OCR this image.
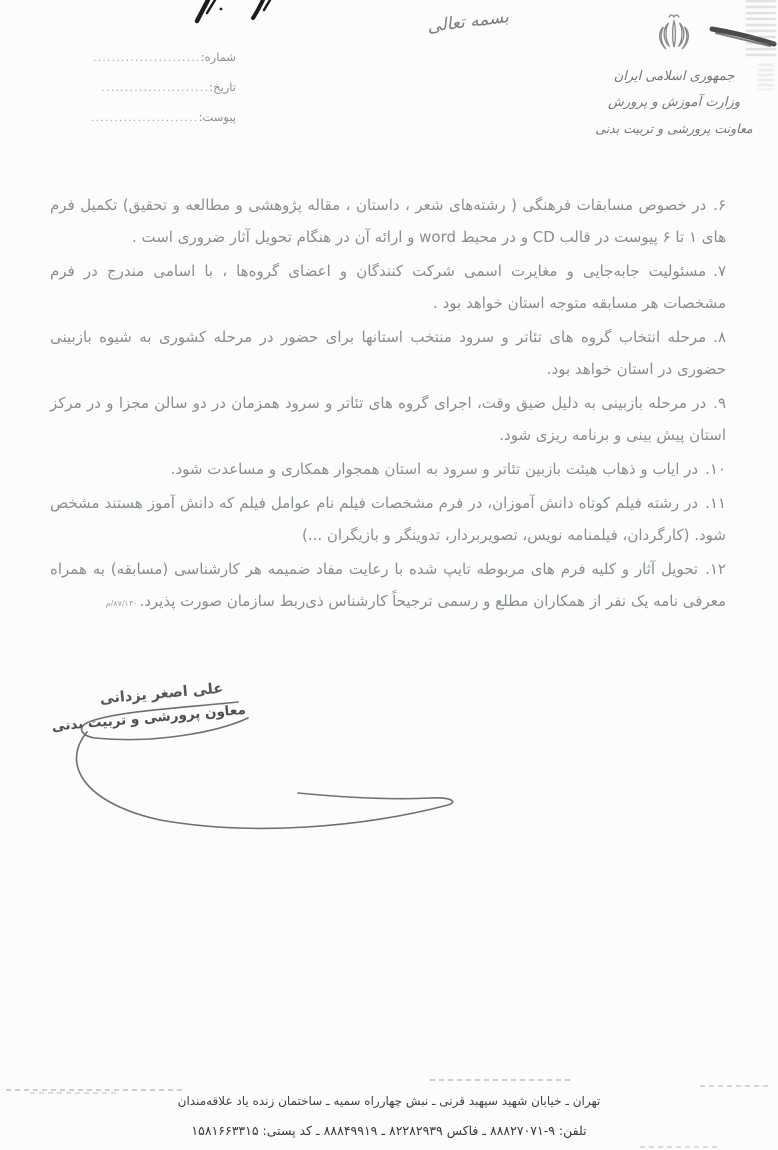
بسمه تعالی
شماره:
.......................
تاریخ:
.......................
پیوست:
.......................
جمهوری اسلامی ایران
وزارت آموزش و پرورش
معاونت پرورشی و تربیت بدنی

۶.در خصوص مسابقات فرهنگی ( رشته‌های شعر ، داستان ، مقاله پژوهشی و مطالعه و تحقیق) تکمیل فرم های ۱ تا ۶ پیوست در قالب CD و در محیط word و ارائه آن در هنگام تحویل آثار ضروری است .

۷.مسئولیت جابه‌جایی و مغایرت اسمی شرکت کنندگان و اعضای گروه‌ها ، با اسامی مندرج در فرم مشخصات هر مسابقه متوجه استان خواهد بود .

۸.مرحله انتخاب گروه های تئاتر و سرود منتخب استانها برای حضور در مرحله کشوری به شیوه بازبینی حضوری در استان خواهد بود.

۹.در مرحله بازبینی به دلیل ضیق وقت، اجرای گروه های تئاتر و سرود همزمان در دو سالن مجزا و در مرکز استان پیش بینی و برنامه ریزی شود.

۱۰.در ایاب و ذهاب هیئت بازبین تئاتر و سرود به استان همجوار همکاری و مساعدت شود.

۱۱.در رشته فیلم کوتاه دانش آموزان، در فرم مشخصات فیلم نام عوامل فیلم که دانش آموز هستند مشخص شود. (کارگردان، فیلمنامه نویس، تصویربردار، تدوینگر و بازیگران ...)

۱۲.تحویل آثار و کلیه فرم های مربوطه تایپ شده با رعایت مفاد ضمیمه هر کارشناسی (مسابقه) به همراه معرفی نامه یک نفر از همکاران مطلع و رسمی ترجیحاً کارشناس ذی‌ربط سازمان صورت پذیرد.۸۷/۱۳۰/م

علی اصغر یزدانی
معاون پرورشی و تربیت بدنی
تهران ـ خیابان شهید سپهبد قرنی ـ نبش چهارراه سمیه ـ ساختمان زنده یاد علاقه‌مندان
تلفن: ۹-۸۸۸۲۷۰۷۱ ـ فاکس ۸۲۲۸۲۹۳۹ ـ ۸۸۸۴۹۹۱۹ ـ کد پستی: ۱۵۸۱۶۶۳۳۱۵
